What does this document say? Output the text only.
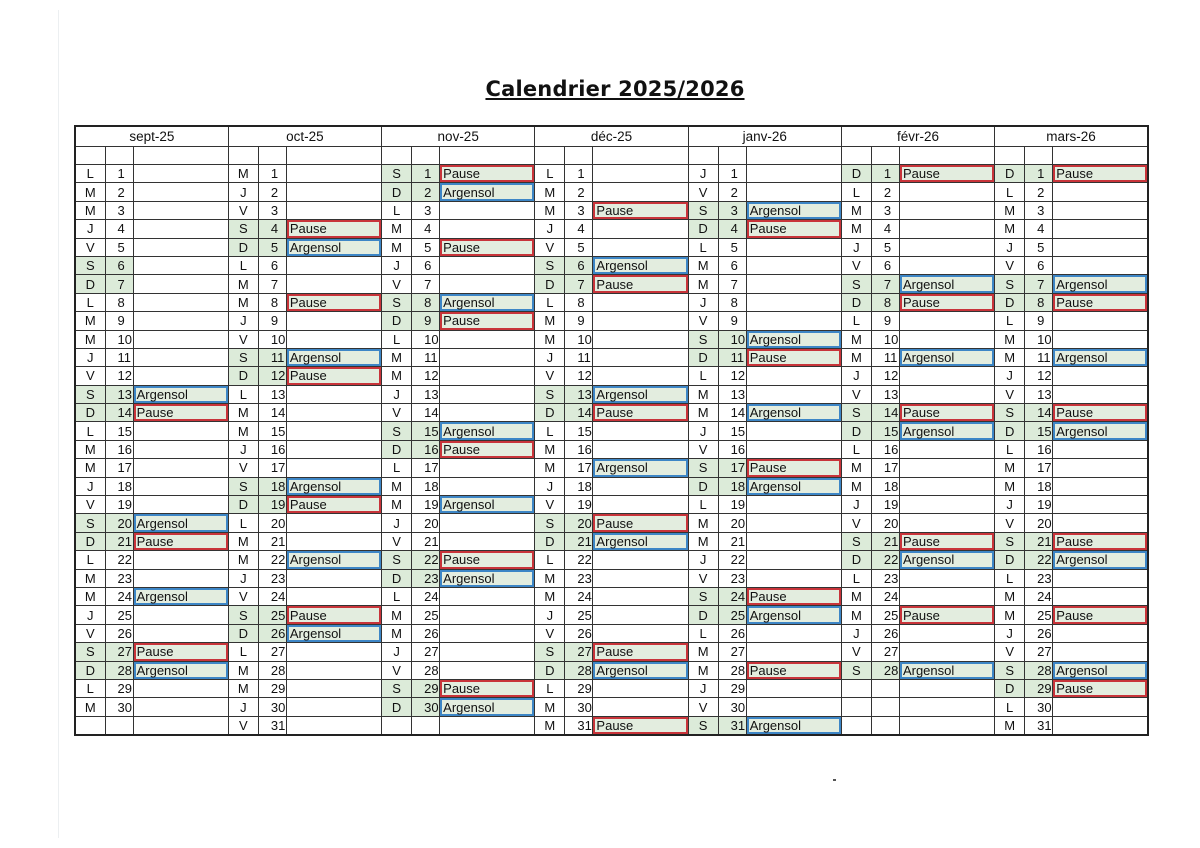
Calendrier 2025/2026
sept-25			oct-25			nov-25			déc-25			janv-26			févr-26			mars-26		

L	1		M	1		S	1	Pause	L	1		J	1		D	1	Pause	D	1	Pause
M	2		J	2		D	2	Argensol	M	2		V	2		L	2		L	2	
M	3		V	3		L	3		M	3	Pause	S	3	Argensol	M	3		M	3	
J	4		S	4	Pause	M	4		J	4		D	4	Pause	M	4		M	4	
V	5		D	5	Argensol	M	5	Pause	V	5		L	5		J	5		J	5	
S	6		L	6		J	6		S	6	Argensol	M	6		V	6		V	6	
D	7		M	7		V	7		D	7	Pause	M	7		S	7	Argensol	S	7	Argensol
L	8		M	8	Pause	S	8	Argensol	L	8		J	8		D	8	Pause	D	8	Pause
M	9		J	9		D	9	Pause	M	9		V	9		L	9		L	9	
M	10		V	10		L	10		M	10		S	10	Argensol	M	10		M	10	
J	11		S	11	Argensol	M	11		J	11		D	11	Pause	M	11	Argensol	M	11	Argensol
V	12		D	12	Pause	M	12		V	12		L	12		J	12		J	12	
S	13	Argensol	L	13		J	13		S	13	Argensol	M	13		V	13		V	13	
D	14	Pause	M	14		V	14		D	14	Pause	M	14	Argensol	S	14	Pause	S	14	Pause
L	15		M	15		S	15	Argensol	L	15		J	15		D	15	Argensol	D	15	Argensol
M	16		J	16		D	16	Pause	M	16		V	16		L	16		L	16	
M	17		V	17		L	17		M	17	Argensol	S	17	Pause	M	17		M	17	
J	18		S	18	Argensol	M	18		J	18		D	18	Argensol	M	18		M	18	
V	19		D	19	Pause	M	19	Argensol	V	19		L	19		J	19		J	19	
S	20	Argensol	L	20		J	20		S	20	Pause	M	20		V	20		V	20	
D	21	Pause	M	21		V	21		D	21	Argensol	M	21		S	21	Pause	S	21	Pause
L	22		M	22	Argensol	S	22	Pause	L	22		J	22		D	22	Argensol	D	22	Argensol
M	23		J	23		D	23	Argensol	M	23		V	23		L	23		L	23	
M	24	Argensol	V	24		L	24		M	24		S	24	Pause	M	24		M	24	
J	25		S	25	Pause	M	25		J	25		D	25	Argensol	M	25	Pause	M	25	Pause
V	26		D	26	Argensol	M	26		V	26		L	26		J	26		J	26	
S	27	Pause	L	27		J	27		S	27	Pause	M	27		V	27		V	27	
D	28	Argensol	M	28		V	28		D	28	Argensol	M	28	Pause	S	28	Argensol	S	28	Argensol
L	29		M	29		S	29	Pause	L	29		J	29					D	29	Pause
M	30		J	30		D	30	Argensol	M	30		V	30					L	30	
			V	31					M	31	Pause	S	31	Argensol				M	31	
